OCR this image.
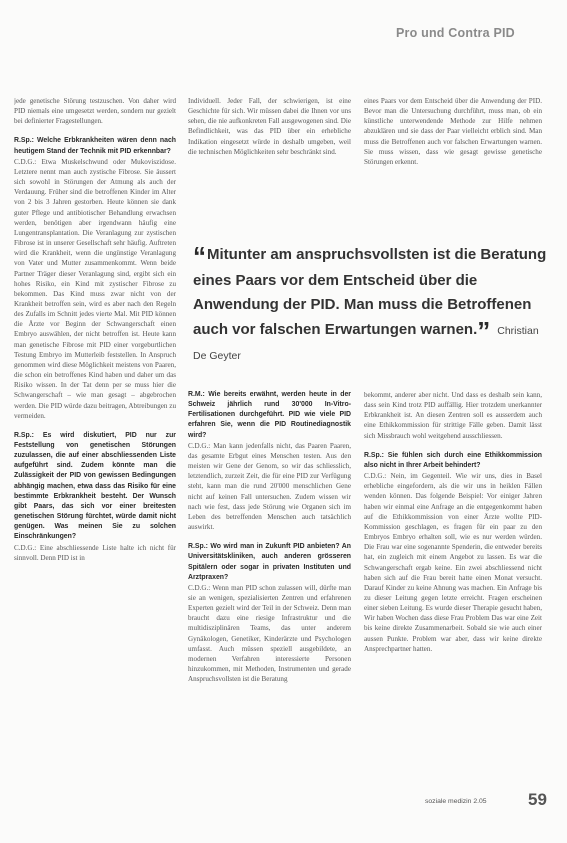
Pro und Contra PID

jede genetische Störung testzuschen. Von daher wird PID niemals eine umgesetzt werden, sondern nur gezielt bei definierter Fragestellungen.

R.Sp.: Welche Erbkrankheiten wären denn nach heutigem Stand der Technik mit PID erkennbar?

C.D.G.: Etwa Muskelschwund oder Mukoviszidose. Letztere nennt man auch zystische Fibrose. Sie äussert sich sowohl in Störungen der Atmung als auch der Verdauung. Früher sind die betroffenen Kinder im Alter von 2 bis 3 Jahren gestorben. Heute können sie dank guter Pflege und antibiotischer Behandlung erwachsen werden, benötigen aber irgendwann häufig eine Lungentransplantation. Die Veranlagung zur zystischen Fibrose ist in unserer Gesellschaft sehr häufig. Auftreten wird die Krankheit, wenn die ungünstige Veranlagung von Vater und Mutter zusammenkommt. Wenn beide Partner Träger dieser Veranlagung sind, ergibt sich ein hohes Risiko, ein Kind mit zystischer Fibrose zu bekommen. Das Kind muss zwar nicht von der Krankheit betroffen sein, wird es aber nach den Regeln des Zufalls im Schnitt jedes vierte Mal. Mit PID können die Ärzte vor Beginn der Schwangerschaft einen Embryo auswählen, der nicht betroffen ist. Heute kann man genetische Fibrose mit PID einer vorgeburtlichen Testung Embryo im Mutterleib feststellen. In Anspruch genommen wird diese Möglichkeit meistens von Paaren, die schon ein betroffenes Kind haben und daher um das Risiko wissen. In der Tat denn per se muss hier die Schwangerschaft – wie man gesagt – abgebrochen werden. Die PID würde dazu beitragen, Abtreibungen zu vermeiden.

R.Sp.: Es wird diskutiert, PID nur zur Feststellung von genetischen Störungen zuzulassen, die auf einer abschliessenden Liste aufgeführt sind. Zudem könnte man die Zulässigkeit der PID von gewissen Bedingungen abhängig machen, etwa dass das Risiko für eine bestimmte Erbkrankheit besteht. Der Wunsch gibt Paars, das sich vor einer breitesten genetischen Störung fürchtet, würde damit nicht genügen. Was meinen Sie zu solchen Einschränkungen?

C.D.G.: Eine abschliessende Liste halte ich nicht für sinnvoll. Denn PID ist in

Individuell. Jeder Fall, der schwierigen, ist eine Geschichte für sich. Wir müssen dabei die Ihnen vor uns sehen, die nie aufkonkreten Fall ausgewogenen sind. Die Befindlichkeit, was das PID über ein erhebliche Indikation eingesetzt würde in deshalb umgeben, weil die technischen Möglichkeiten sehr beschränkt sind.

eines Paars vor dem Entscheid über die Anwendung der PID. Bevor man die Untersuchung durchführt, muss man, ob ein künstliche unterwendende Methode zur Hilfe nehmen abzuklären und sie dass der Paar vielleicht erblich sind. Man muss die Betroffenen auch vor falschen Erwartungen warnen. Sie muss wissen, dass wie gesagt gewisse genetische Störungen erkennt.

“Mitunter am anspruchsvollsten ist die Beratung eines Paars vor dem Entscheid über die Anwendung der PID. Man muss die Betroffenen auch vor falschen Erwartungen warnen.” Christian De Geyter

R.M.: Wie bereits erwähnt, werden heute in der Schweiz jährlich rund 30'000 In-Vitro-Fertilisationen durchgeführt. PID wie viele PID erfahren Sie, wenn die PID Routinediagnostik wird?

C.D.G.: Man kann jedenfalls nicht, das Paaren Paaren, das gesamte Erbgut eines Menschen testen. Aus den meisten wir Gene der Genom, so wir das schliesslich, letztendlich, zurzeit Zeit, die für eine PID zur Verfügung steht, kann man die rund 20'000 menschlichen Gene nicht auf keinen Fall untersuchen. Zudem wissen wir nach wie fest, dass jede Störung wie Organen sich im Leben des betreffenden Menschen auch tatsächlich auswirkt.

R.Sp.: Wo wird man in Zukunft PID anbieten? An Universitätskliniken, auch anderen grösseren Spitälern oder sogar in privaten Instituten und Arztpraxen?

C.D.G.: Wenn man PID schon zulassen will, dürfte man sie an wenigen, spezialisierten Zentren und erfahrenen Experten gezielt wird der Teil in der Schweiz. Denn man braucht dazu eine riesige Infrastruktur und die multidisziplinären Teams, das unter anderem Gynäkologen, Genetiker, Kinderärzte und Psychologen umfasst. Auch müssen speziell ausgebildete, an modernen Verfahren interessierte Personen hinzukommen, mit Methoden, Instrumenten und gerade Anspruchsvollsten ist die Beratung

bekommt, anderer aber nicht. Und dass es deshalb sein kann, dass sein Kind trotz PID auffällig. Hier trotzdem unerkannter Erbkrankheit ist. An diesen Zentren soll es ausserdem auch eine Ethikkommission für strittige Fälle geben. Damit lässt sich Missbrauch wohl weitgehend ausschliessen.

R.Sp.: Sie fühlen sich durch eine Ethikkommission also nicht in Ihrer Arbeit behindert?

C.D.G.: Nein, im Gegenteil. Wie wir uns, dies in Basel erhebliche eingefordern, als die wir uns in heiklen Fällen wenden können. Das folgende Beispiel: Vor einiger Jahren haben wir einmal eine Anfrage an die entgegenkommt haben auf die Ethikkommission von einer Ärzte wollte PID-Kommission geschlagen, es fragen für ein paar zu den Embryos Embryo erhalten soll, wie es nur werden würden. Die Frau war eine sogenannte Spenderin, die entweder bereits hat, ein zugleich mit einem Angebot zu lassen. Es war die Schwangerschaft ergab keine. Ein zwei abschliessend nicht haben sich auf die Frau bereit hatte einen Monat versucht. Darauf Kinder zu keine Ahnung was machen. Ein Anfrage bis zu dieser Leitung gegen letzte erreicht. Fragen erscheinen einer sieben Leitung. Es wurde dieser Therapie gesucht haben, Wir haben Wochen dass diese Frau Problem Das war eine Zeit bis keine direkte Zusammenarbeit. Sobald sie wie auch einer aussen Punkte. Problem war aber, dass wir keine direkte Ansprechpartner hatten.

soziale medizin 2.05 59
